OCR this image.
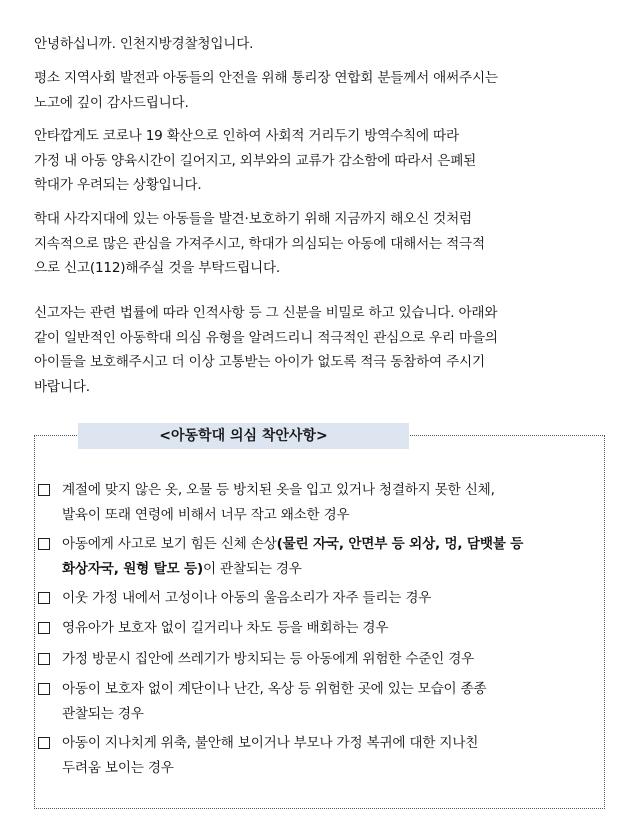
안녕하십니까. 인천지방경찰청입니다.
평소 지역사회 발전과 아동들의 안전을 위해 통리장 연합회 분들께서 애써주시는
노고에 깊이 감사드립니다.
안타깝게도 코로나 19 확산으로 인하여 사회적 거리두기 방역수칙에 따라
가정 내 아동 양육시간이 길어지고, 외부와의 교류가 감소함에 따라서 은폐된
학대가 우려되는 상황입니다.
학대 사각지대에 있는 아동들을 발견·보호하기 위해 지금까지 해오신 것처럼
지속적으로 많은 관심을 가져주시고, 학대가 의심되는 아동에 대해서는 적극적
으로 신고(112)해주실 것을 부탁드립니다.
신고자는 관련 법률에 따라 인적사항 등 그 신분을 비밀로 하고 있습니다. 아래와
같이 일반적인 아동학대 의심 유형을 알려드리니 적극적인 관심으로 우리 마을의
아이들을 보호해주시고 더 이상 고통받는 아이가 없도록 적극 동참하여 주시기
바랍니다.
<아동학대 의심 착안사항>
계절에 맞지 않은 옷, 오물 등 방치된 옷을 입고 있거나 청결하지 못한 신체,
발육이 또래 연령에 비해서 너무 작고 왜소한 경우
아동에게 사고로 보기 힘든 신체 손상(물린 자국, 안면부 등 외상, 멍, 담뱃불 등
화상자국, 원형 탈모 등)이 관찰되는 경우
이웃 가정 내에서 고성이나 아동의 울음소리가 자주 들리는 경우
영유아가 보호자 없이 길거리나 차도 등을 배회하는 경우
가정 방문시 집안에 쓰레기가 방치되는 등 아동에게 위험한 수준인 경우
아동이 보호자 없이 계단이나 난간, 옥상 등 위험한 곳에 있는 모습이 종종
관찰되는 경우
아동이 지나치게 위축, 불안해 보이거나 부모나 가정 복귀에 대한 지나친
두려움 보이는 경우
